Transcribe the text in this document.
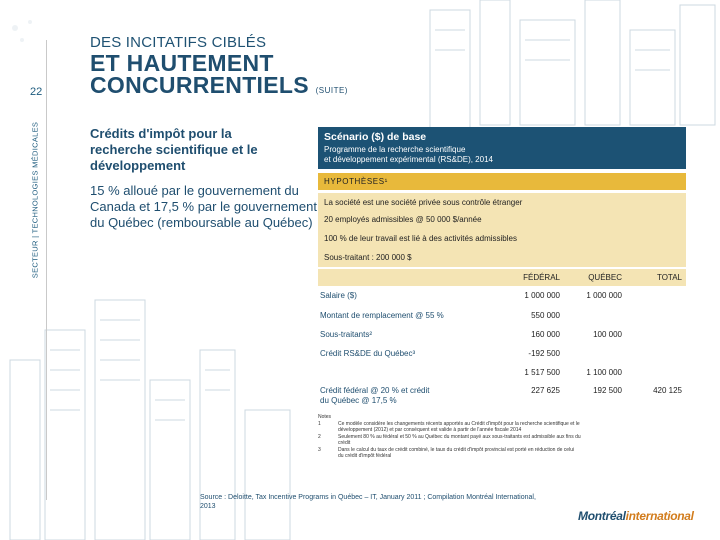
22
SECTEUR | TECHNOLOGIES MÉDICALES
DES INCITATIFS CIBLÉS
ET HAUTEMENT
CONCURRENTIELS (SUITE)
Crédits d'impôt pour la recherche scientifique et le développement
15 % alloué par le gouvernement du Canada et 17,5 % par le gouvernement du Québec (remboursable au Québec)
Scénario ($) de base
Programme de la recherche scientifique
et développement expérimental (RS&DE), 2014
HYPOTHÈSES¹
La société est une société privée sous contrôle étranger
20 employés admissibles @ 50 000 $/année
100 % de leur travail est lié à des activités admissibles
Sous-traitant : 200 000 $
FÉDÉRAL	QUÉBEC	TOTAL
Salaire ($)	1 000 000	1 000 000
Montant de remplacement @ 55 %	550 000
Sous-traitants²	160 000	100 000
Crédit RS&DE du Québec³	-192 500
1 517 500	1 100 000
Crédit fédéral @ 20 % et crédit
du Québec @ 17,5 %
227 625	192 500	420 125
Notes
1	Ce modèle considère les changements récents apportés au Crédit d'impôt pour la recherche scientifique et le
développement (2012) et par conséquent est valide à partir de l'année fiscale 2014
2	Seulement 80 % au fédéral et 50 % au Québec du montant payé aux sous-traitants est admissible aux fins du
crédit
3	Dans le calcul du taux de crédit combiné, le taux du crédit d'impôt provincial est porté en réduction de celui
du crédit d'impôt fédéral
Source : Deloitte, Tax Incentive Programs in Québec – IT, January 2011 ; Compilation Montréal International, 2013
Montréalinternational
